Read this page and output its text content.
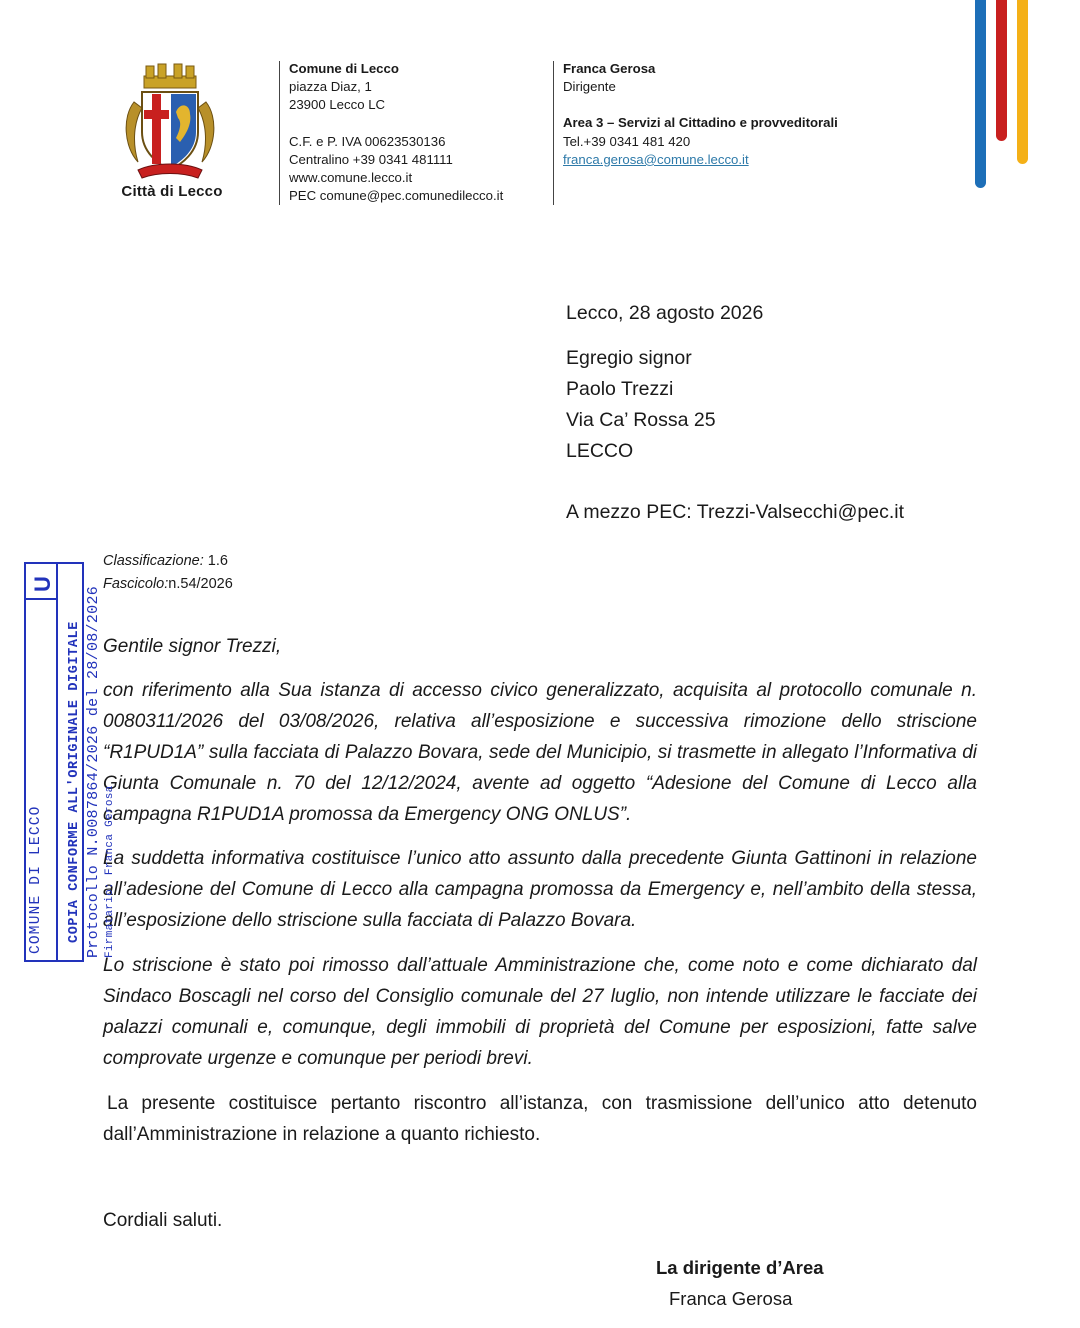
Città di Lecco
Comune di Lecco
piazza Diaz, 1
23900 Lecco LC
C.F. e P. IVA 00623530136
Centralino +39 0341 481111
www.comune.lecco.it
PEC comune@pec.comunedilecco.it
Franca Gerosa
Dirigente
Area 3 – Servizi al Cittadino e provveditorali
Tel.+39 0341 481 420
franca.gerosa@comune.lecco.it
Lecco, 28 agosto 2026
Egregio signor
Paolo Trezzi
Via Ca’ Rossa 25
LECCO
A mezzo PEC: Trezzi-Valsecchi@pec.it
Classificazione: 1.6
Fascicolo:n.54/2026
Gentile signor Trezzi,
con riferimento alla Sua istanza di accesso civico generalizzato, acquisita al protocollo comunale n. 0080311/2026 del 03/08/2026, relativa all’esposizione e successiva rimozione dello striscione “R1PUD1A” sulla facciata di Palazzo Bovara, sede del Municipio, si trasmette in allegato l’Informativa di Giunta Comunale n. 70 del 12/12/2024, avente ad oggetto “Adesione del Comune di Lecco alla campagna R1PUD1A promossa da Emergency ONG ONLUS”.
La suddetta informativa costituisce l’unico atto assunto dalla precedente Giunta Gattinoni in relazione all’adesione del Comune di Lecco alla campagna promossa da Emergency e, nell’ambito della stessa, all’esposizione dello striscione sulla facciata di Palazzo Bovara.
Lo striscione è stato poi rimosso dall’attuale Amministrazione che, come noto e come dichiarato dal Sindaco Boscagli nel corso del Consiglio comunale del 27 luglio, non intende utilizzare le facciate dei palazzi comunali e, comunque, degli immobili di proprietà del Comune per esposizioni, fatte salve comprovate urgenze e comunque per periodi brevi.
La presente costituisce pertanto riscontro all’istanza, con trasmissione dell’unico atto detenuto dall’Amministrazione in relazione a quanto richiesto.
Cordiali saluti.
La dirigente d’Area
Franca Gerosa
U
COMUNE DI LECCO COPIA CONFORME ALL'ORIGINALE DIGITALE Protocollo N.0087864/2026 del 28/08/2026 Firmatario: Franca Gerosa
